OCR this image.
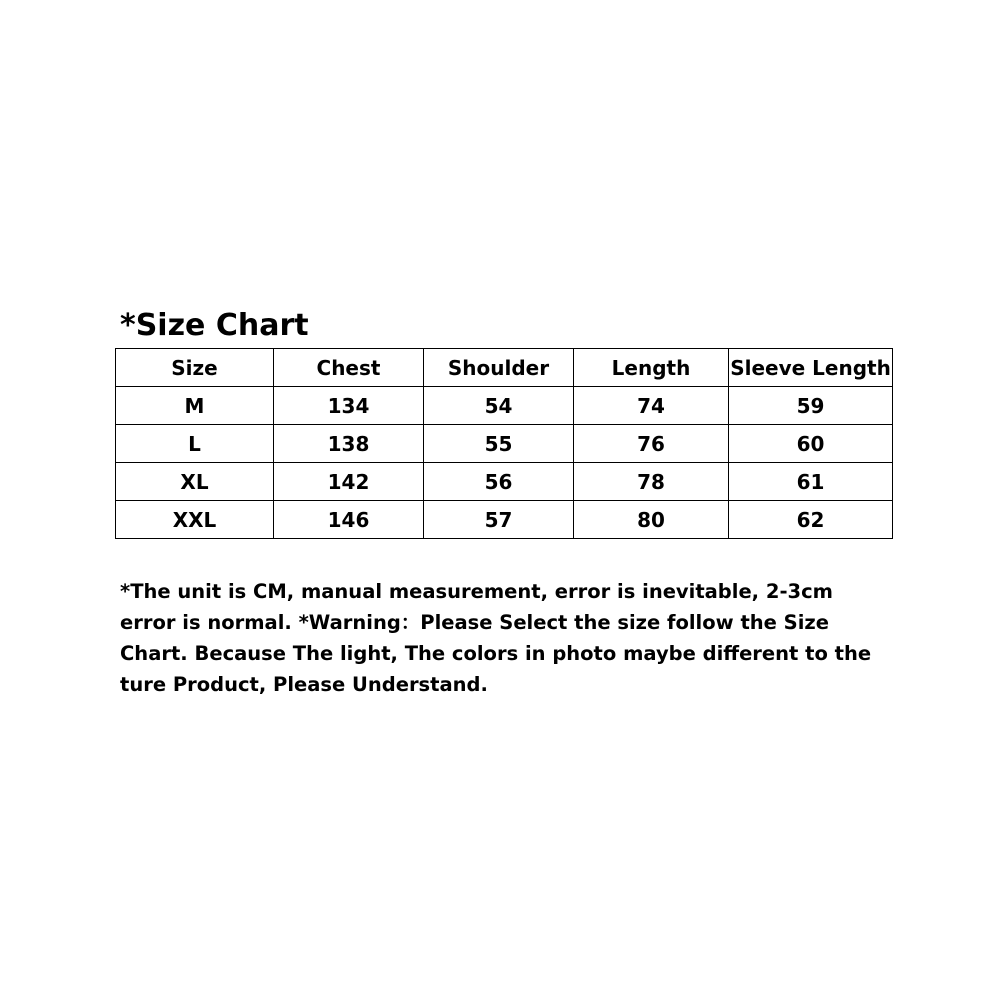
*Size Chart
Size	Chest	Shoulder	Length	Sleeve Length
M	134	54	74	59
L	138	55	76	60
XL	142	56	78	61
XXL	146	57	80	62
*The unit is CM, manual measurement, error is inevitable, 2-3cm error is normal. *Warning：Please Select the size follow the Size Chart. Because The light, The colors in photo maybe different to the ture Product, Please Understand.
